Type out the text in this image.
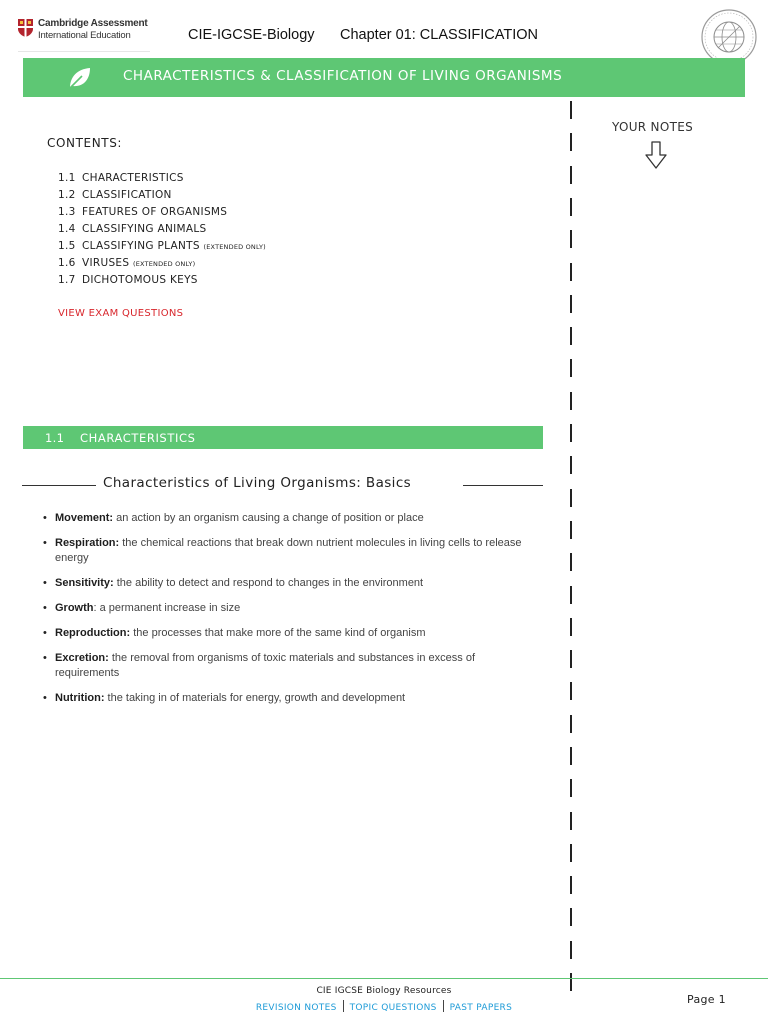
Cambridge Assessment
International Education	CIE-IGCSE-Biology Chapter 01: CLASSIFICATION
CHARACTERISTICS & CLASSIFICATION OF LIVING ORGANISMS
YOUR NOTES
CONTENTS:
1.1 CHARACTERISTICS
1.2 CLASSIFICATION
1.3 FEATURES OF ORGANISMS
1.4 CLASSIFYING ANIMALS
1.5 CLASSIFYING PLANTS (EXTENDED ONLY)
1.6 VIRUSES (EXTENDED ONLY)
1.7 DICHOTOMOUS KEYS
VIEW EXAM QUESTIONS
1.1 CHARACTERISTICS
Characteristics of Living Organisms: Basics
• Movement: an action by an organism causing a change of position or place
• Respiration: the chemical reactions that break down nutrient molecules in living cells to release energy
• Sensitivity: the ability to detect and respond to changes in the environment
• Growth: a permanent increase in size
• Reproduction: the processes that make more of the same kind of organism
• Excretion: the removal from organisms of toxic materials and substances in excess of requirements
• Nutrition: the taking in of materials for energy, growth and development
CIE IGCSE Biology Resources
REVISION NOTES TOPIC QUESTIONS PAST PAPERS
Page 1
